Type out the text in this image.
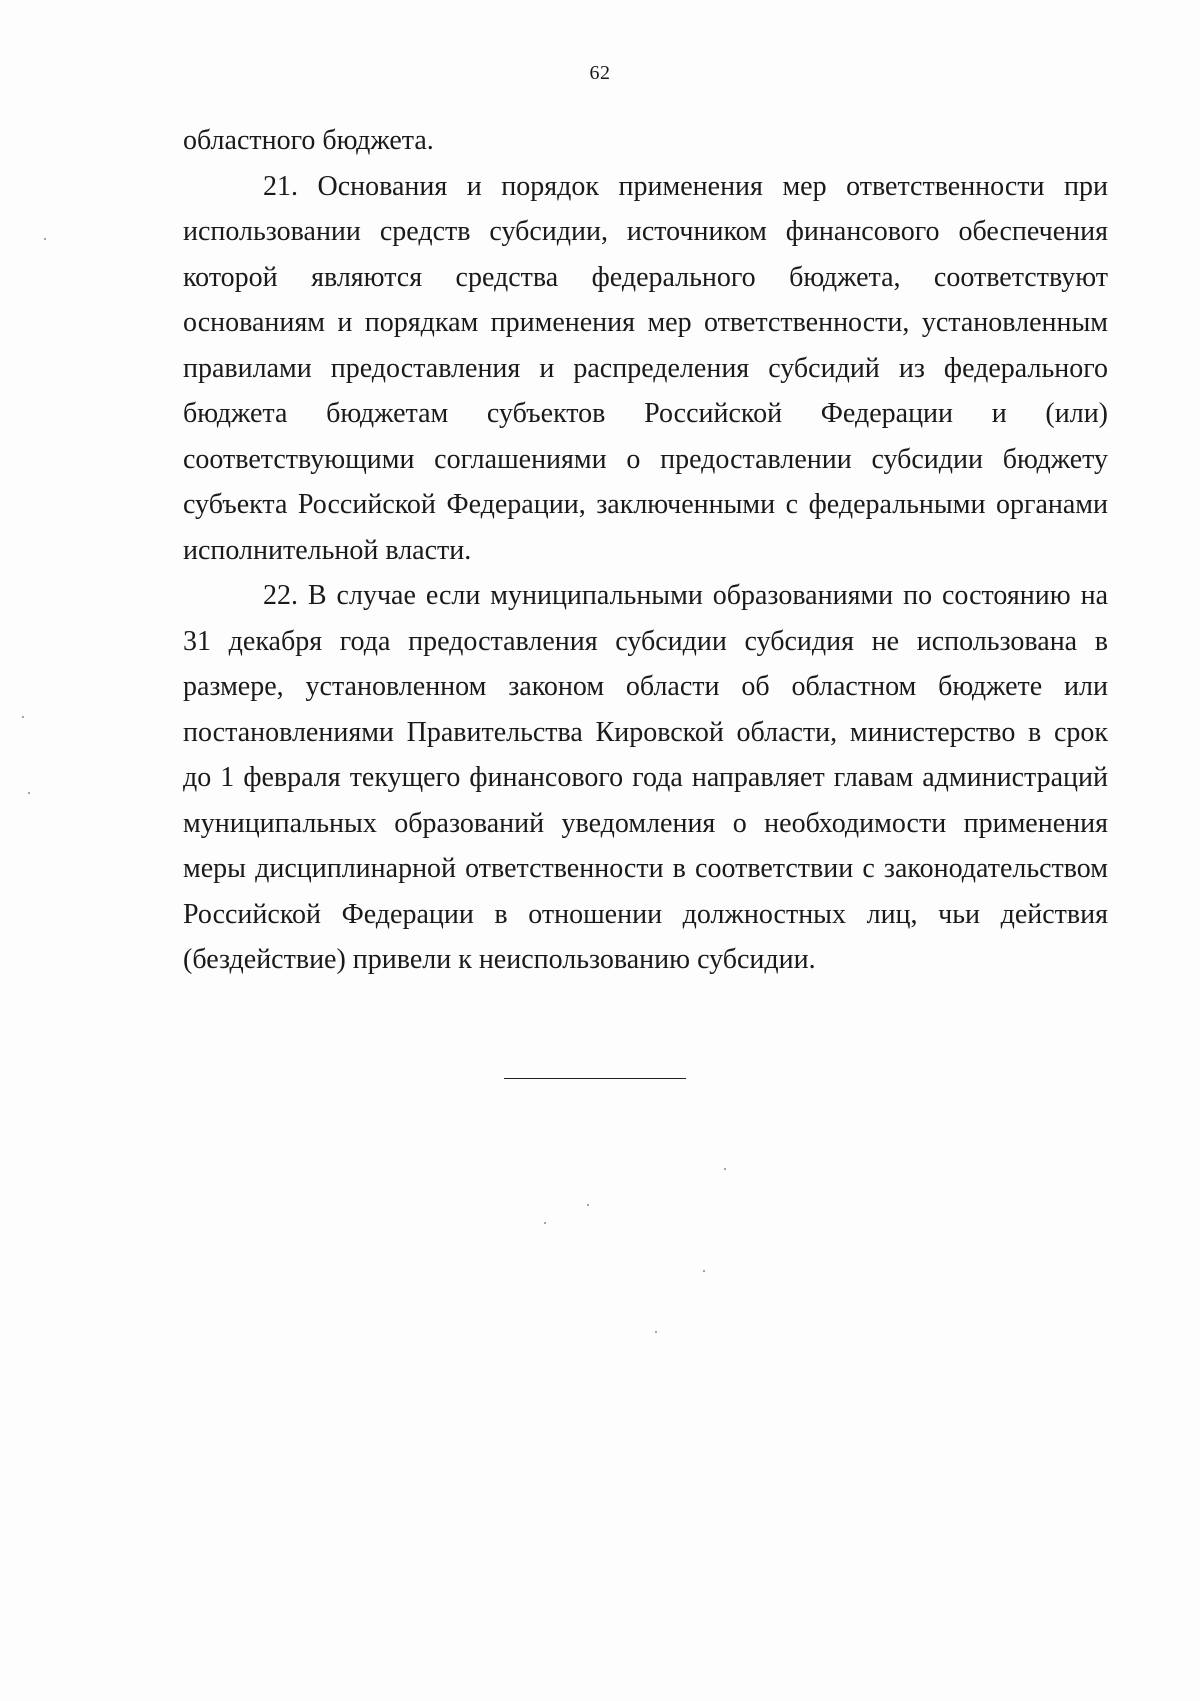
62

областного бюджета.

21. Основания и порядок применения мер ответственности при использовании средств субсидии, источником финансового обеспечения которой являются средства федерального бюджета, соответствуют основаниям и порядкам применения мер ответственности, установленным правилами предоставления и распределения субсидий из федерального бюджета бюджетам субъектов Российской Федерации и (или) соответствующими соглашениями о предоставлении субсидии бюджету субъекта Российской Федерации, заключенными с федеральными органами исполнительной власти.

22. В случае если муниципальными образованиями по состоянию на 31 декабря года предоставления субсидии субсидия не использована в размере, установленном законом области об областном бюджете или постановлениями Правительства Кировской области, министерство в срок до 1 февраля текущего финансового года направляет главам администраций муниципальных образований уведомления о необходимости применения меры дисциплинарной ответственности в соответствии с законодательством Российской Федерации в отношении должностных лиц, чьи действия (бездействие) привели к неиспользованию субсидии.
